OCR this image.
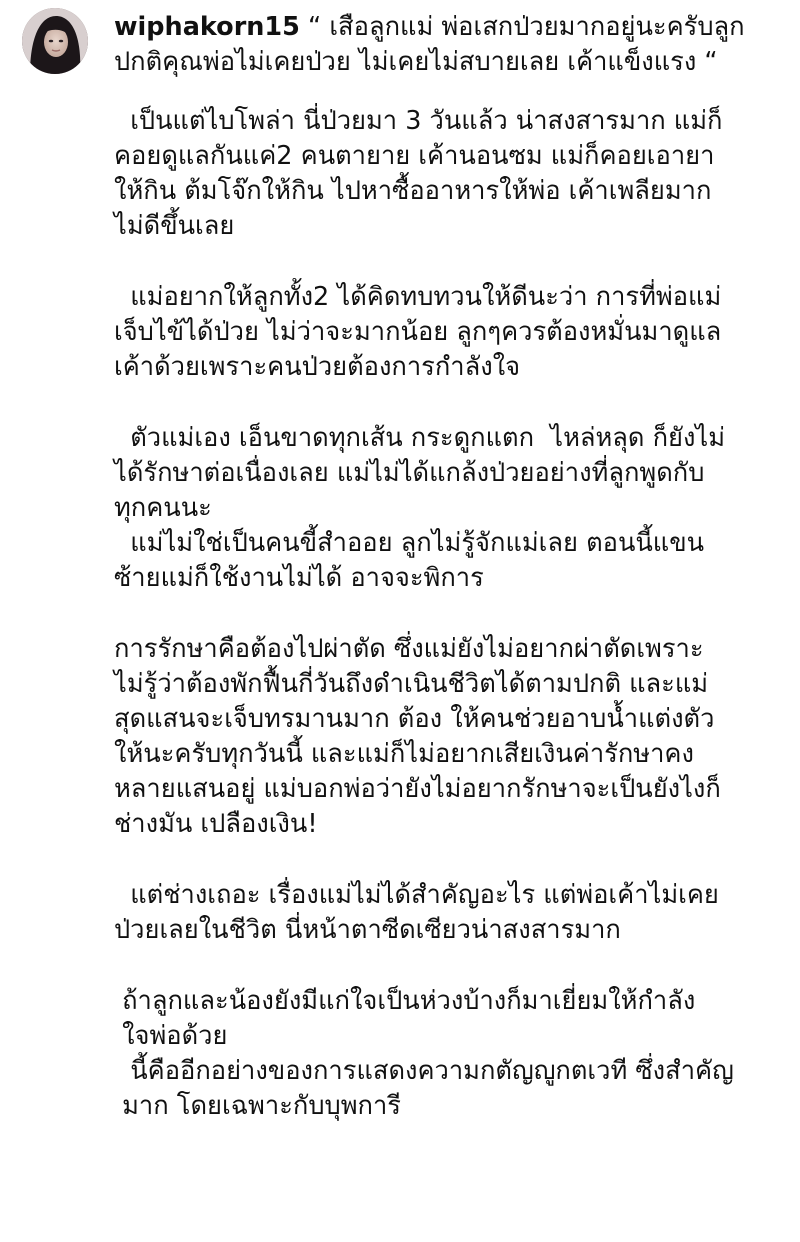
wiphakorn15 “ เสือลูกแม่ พ่อเสกป่วยมากอยู่นะครับลูก
ปกติคุณพ่อไม่เคยป่วย ไม่เคยไม่สบายเลย เค้าแข็งแรง “
เป็นแต่ไบโพล่า นี่ป่วยมา 3 วันแล้ว น่าสงสารมาก แม่ก็
คอยดูแลกันแค่2 คนตายาย เค้านอนซม แม่ก็คอยเอายา
ให้กิน ต้มโจ๊กให้กิน ไปหาซื้ออาหารให้พ่อ เค้าเพลียมาก
ไม่ดีขึ้นเลย
แม่อยากให้ลูกทั้ง2 ได้คิดทบทวนให้ดีนะว่า การที่พ่อแม่
เจ็บไข้ได้ป่วย ไม่ว่าจะมากน้อย ลูกๆควรต้องหมั่นมาดูแล
เค้าด้วยเพราะคนป่วยต้องการกำลังใจ
ตัวแม่เอง เอ็นขาดทุกเส้น กระดูกแตก  ไหล่หลุด ก็ยังไม่
ได้รักษาต่อเนื่องเลย แม่ไม่ได้แกล้งป่วยอย่างที่ลูกพูดกับ
ทุกคนนะ
แม่ไม่ใช่เป็นคนขี้สำออย ลูกไม่รู้จักแม่เลย ตอนนี้แขน
ซ้ายแม่ก็ใช้งานไม่ได้ อาจจะพิการ
การรักษาคือต้องไปผ่าตัด ซึ่งแม่ยังไม่อยากผ่าตัดเพราะ
ไม่รู้ว่าต้องพักฟื้นกี่วันถึงดำเนินชีวิตได้ตามปกติ และแม่
สุดแสนจะเจ็บทรมานมาก ต้อง ให้คนช่วยอาบน้ำแต่งตัว
ให้นะครับทุกวันนี้ และแม่ก็ไม่อยากเสียเงินค่ารักษาคง
หลายแสนอยู่ แม่บอกพ่อว่ายังไม่อยากรักษาจะเป็นยังไงก็
ช่างมัน เปลืองเงิน!
แต่ช่างเถอะ เรื่องแม่ไม่ได้สำคัญอะไร แต่พ่อเค้าไม่เคย
ป่วยเลยในชีวิต นี่หน้าตาซีดเซียวน่าสงสารมาก
ถ้าลูกและน้องยังมีแก่ใจเป็นห่วงบ้างก็มาเยี่ยมให้กำลัง
ใจพ่อด้วย
นี้คืออีกอย่างของการแสดงความกตัญญูกตเวที ซึ่งสำคัญ
มาก โดยเฉพาะกับบุพการี
